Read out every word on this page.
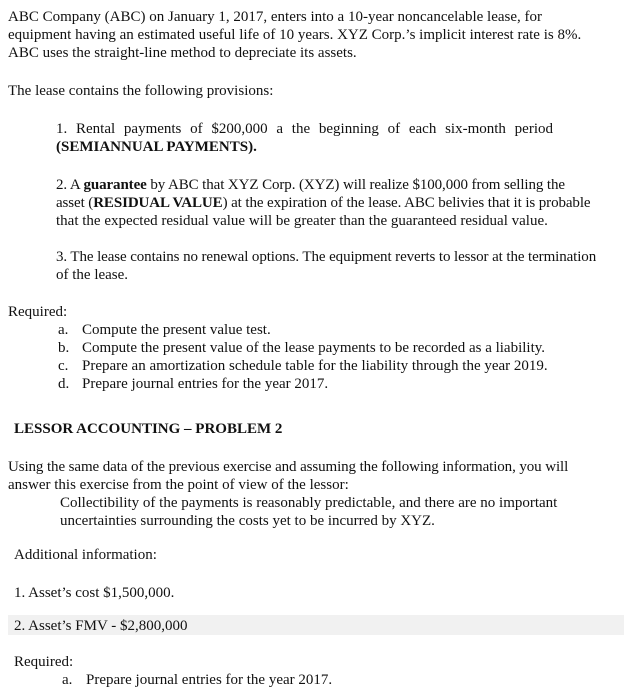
ABC Company (ABC) on January 1, 2017, enters into a 10-year noncancelable lease, for

equipment having an estimated useful life of 10 years. XYZ Corp.’s implicit interest rate is 8%.

ABC uses the straight-line method to depreciate its assets.

The lease contains the following provisions:

1. Rental payments of $200,000 a the beginning of each six-month period

(SEMIANNUAL PAYMENTS).

2. A guarantee by ABC that XYZ Corp. (XYZ) will realize $100,000 from selling the

asset (RESIDUAL VALUE) at the expiration of the lease. ABC belivies that it is probable

that the expected residual value will be greater than the guaranteed residual value.

3. The lease contains no renewal options. The equipment reverts to lessor at the termination

of the lease.

Required:

a. Compute the present value test.
b. Compute the present value of the lease payments to be recorded as a liability.
c. Prepare an amortization schedule table for the liability through the year 2019.
d. Prepare journal entries for the year 2017.

LESSOR ACCOUNTING – PROBLEM 2

Using the same data of the previous exercise and assuming the following information, you will

answer this exercise from the point of view of the lessor:

Collectibility of the payments is reasonably predictable, and there are no important

uncertainties surrounding the costs yet to be incurred by XYZ.

Additional information:

1. Asset’s cost $1,500,000.

2. Asset’s FMV - $2,800,000

Required:

a. Prepare journal entries for the year 2017.
